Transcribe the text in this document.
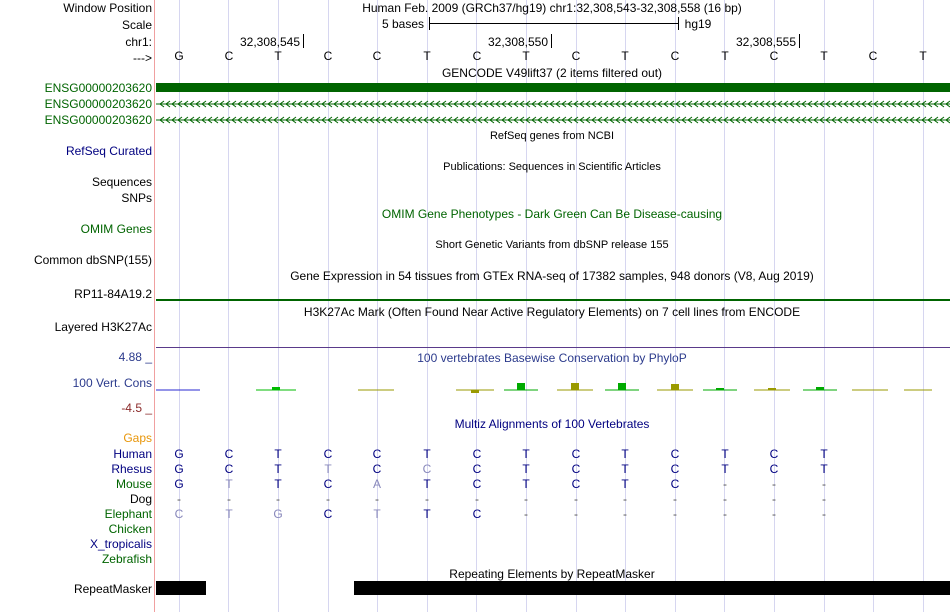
Window Position	Human Feb. 2009 (GRCh37/hg19) chr1:32,308,543-32,308,558 (16 bp)
Scale	5 bases	hg19
chr1:	32,308,545	32,308,550	32,308,555
--->	G	C	T	C	C	T	C	T	C	T	C	T	C	T	C	T
GENCODE V49lift37 (2 items filtered out)
ENSG00000203620
ENSG00000203620
ENSG00000203620
RefSeq genes from NCBI
RefSeq Curated
Publications: Sequences in Scientific Articles
Sequences
SNPs
OMIM Gene Phenotypes - Dark Green Can Be Disease-causing
OMIM Genes
Short Genetic Variants from dbSNP release 155
Common dbSNP(155)
Gene Expression in 54 tissues from GTEx RNA-seq of 17382 samples, 948 donors (V8, Aug 2019)
RP11-84A19.2
H3K27Ac Mark (Often Found Near Active Regulatory Elements) on 7 cell lines from ENCODE
Layered H3K27Ac
100 vertebrates Basewise Conservation by PhyloP
4.88 _
100 Vert. Cons
-4.5 _
Multiz Alignments of 100 Vertebrates
Gaps
Human	G	C	T	C	C	T	C	T	C	T	C	T	C	T
Rhesus	G	C	T	T	C	C	C	T	C	T	C	T	C	T
Mouse	G	T	T	C	A	T	C	T	C	T	C	-	-	-
Dog	-	-	-	-	-	-	-	-	-	-	-	-	-	-
Elephant	C	T	G	C	T	T	C	-	-	-	-	-	-	-
Chicken
X_tropicalis
Zebrafish
Repeating Elements by RepeatMasker
RepeatMasker
